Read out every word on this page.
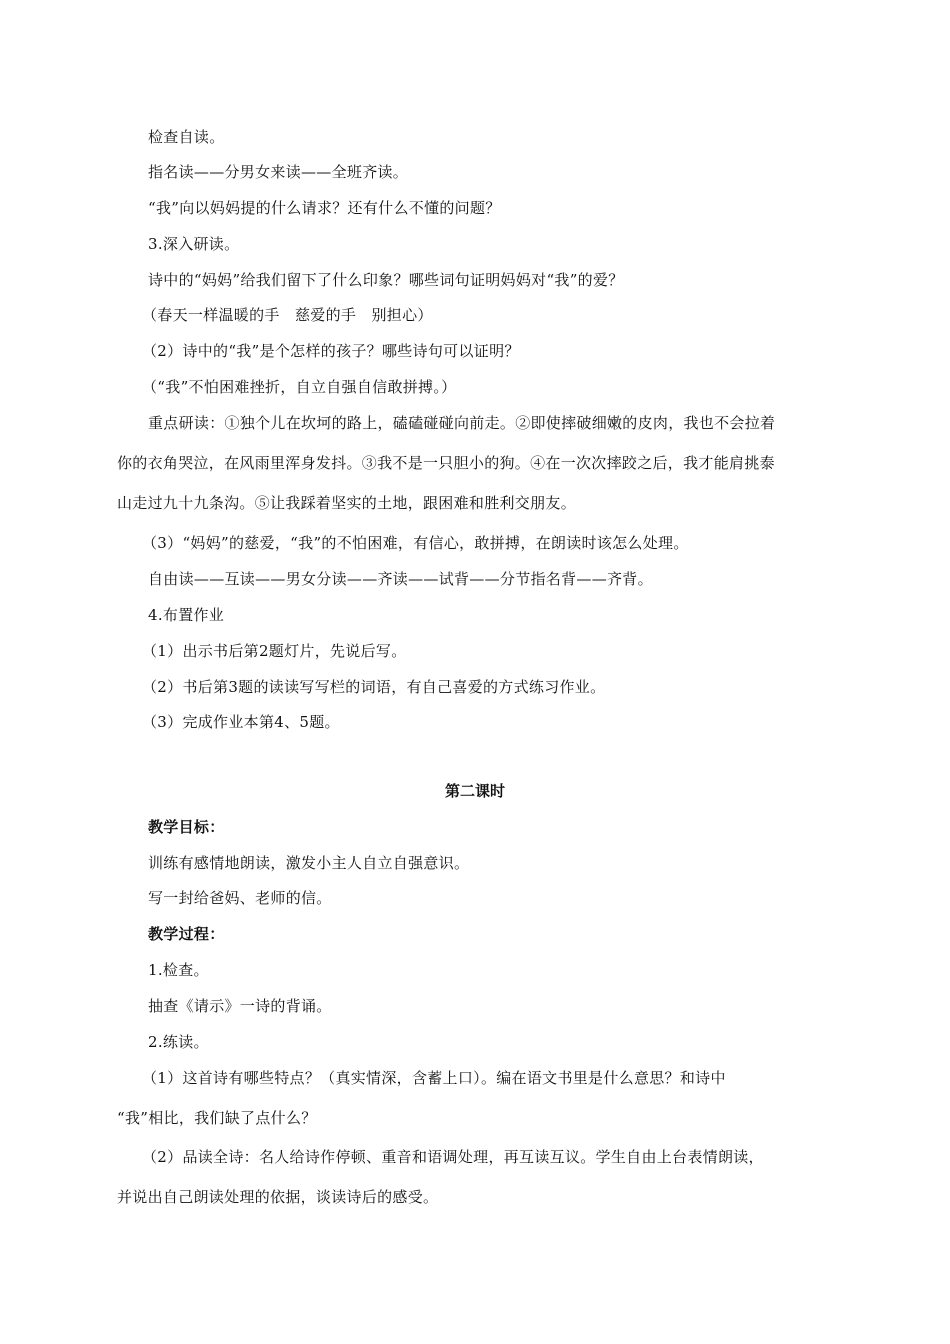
检查自读。
指名读——分男女来读——全班齐读。
“我”向以妈妈提的什么请求？还有什么不懂的问题？
3.深入研读。
诗中的“妈妈”给我们留下了什么印象？哪些词句证明妈妈对“我”的爱？
（春天一样温暖的手　慈爱的手　别担心）
（2）诗中的“我”是个怎样的孩子？哪些诗句可以证明？
（“我”不怕困难挫折，自立自强自信敢拼搏。）
重点研读：①独个儿在坎坷的路上，磕磕碰碰向前走。②即使摔破细嫩的皮肉，我也不会拉着
你的衣角哭泣，在风雨里浑身发抖。③我不是一只胆小的狗。④在一次次摔跤之后，我才能肩挑泰
山走过九十九条沟。⑤让我踩着坚实的土地，跟困难和胜利交朋友。
（3）“妈妈”的慈爱，“我”的不怕困难，有信心，敢拼搏，在朗读时该怎么处理。
自由读——互读——男女分读——齐读——试背——分节指名背——齐背。
4.布置作业
（1）出示书后第2题灯片，先说后写。
（2）书后第3题的读读写写栏的词语，有自己喜爱的方式练习作业。
（3）完成作业本第4、5题。
第二课时
教学目标：
训练有感情地朗读，激发小主人自立自强意识。
写一封给爸妈、老师的信。
教学过程：
1.检查。
抽查《请示》一诗的背诵。
2.练读。
（1）这首诗有哪些特点？（真实情深，含蓄上口）。编在语文书里是什么意思？和诗中
“我”相比，我们缺了点什么？
（2）品读全诗：名人给诗作停顿、重音和语调处理，再互读互议。学生自由上台表情朗读，
并说出自己朗读处理的依据，谈读诗后的感受。
